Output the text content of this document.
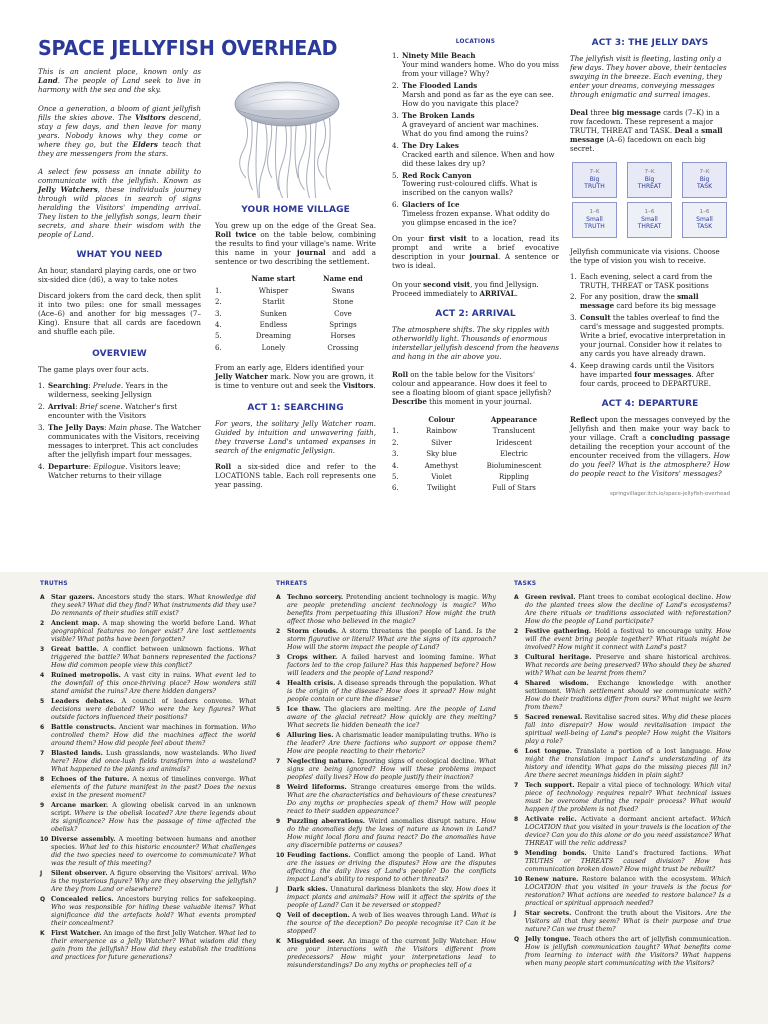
SPACE JELLYFISH OVERHEAD

This is an ancient place, known only as Land. The people of Land seek to live in harmony with the sea and the sky.

Once a generation, a bloom of giant jellyfish fills the skies above. The Visitors descend, stay a few days, and then leave for many years. Nobody knows why they come or where they go, but the Elders teach that they are messengers from the stars.

A select few possess an innate ability to communicate with the jellyfish. Known as Jelly Watchers, these individuals journey through wild places in search of signs heralding the Visitors' impending arrival. They listen to the jellyfish songs, learn their secrets, and share their wisdom with the people of Land.

WHAT YOU NEED

An hour, standard playing cards, one or two six-sided dice (d6), a way to take notes

Discard jokers from the card deck, then split it into two piles: one for small messages (Ace–6) and another for big messages (7–King). Ensure that all cards are facedown and shuffle each pile.

OVERVIEW

The game plays over four acts.

1. Searching: Prelude. Years in the wilderness, seeking Jellysign
2. Arrival: Brief scene. Watcher's first encounter with the Visitors
3. The Jelly Days: Main phase. The Watcher communicates with the Visitors, receiving messages to interpret. This act concludes after the jellyfish impart four messages.
4. Departure: Epilogue. Visitors leave; Watcher returns to their village
YOUR HOME VILLAGE

You grew up on the edge of the Great Sea. Roll twice on the table below, combining the results to find your village's name. Write this name in your journal and add a sentence or two describing the settlement.

	Name start	Name end
1.	Whisper	Swans
2.	Starlit	Stone
3.	Sunken	Cove
4.	Endless	Springs
5.	Dreaming	Horses
6.	Lonely	Crossing

From an early age, Elders identified your Jelly Watcher mark. Now you are grown, it is time to venture out and seek the Visitors.

ACT 1: SEARCHING

For years, the solitary Jelly Watcher roam. Guided by intuition and unwavering faith, they traverse Land's untamed expanses in search of the enigmatic Jellysign.

Roll a six-sided dice and refer to the LOCATIONS table. Each roll represents one year passing.

LOCATIONS
1. Ninety Mile Beach
Your mind wanders home. Who do you miss from your village? Why?
2. The Flooded Lands
Marsh and pond as far as the eye can see. How do you navigate this place?
3. The Broken Lands
A graveyard of ancient war machines. What do you find among the ruins?
4. The Dry Lakes
Cracked earth and silence. When and how did these lakes dry up?
5. Red Rock Canyon
Towering rust-coloured cliffs. What is inscribed on the canyon walls?
6. Glaciers of Ice
Timeless frozen expanse. What oddity do you glimpse encased in the ice?

On your first visit to a location, read its prompt and write a brief evocative description in your journal. A sentence or two is ideal.

On your second visit, you find Jellysign. Proceed immediately to ARRIVAL.

ACT 2: ARRIVAL

The atmosphere shifts. The sky ripples with otherworldly light. Thousands of enormous interstellar jellyfish descend from the heavens and hang in the air above you.

Roll on the table below for the Visitors' colour and appearance. How does it feel to see a floating bloom of giant space jellyfish? Describe this moment in your journal.

	Colour	Appearance
1.	Rainbow	Translucent
2.	Silver	Iridescent
3.	Sky blue	Electric
4.	Amethyst	Bioluminescent
5.	Violet	Rippling
6.	Twilight	Full of Stars
ACT 3: THE JELLY DAYS

The jellyfish visit is fleeting, lasting only a few days. They hover above, their tentacles swaying in the breeze. Each evening, they enter your dreams, conveying messages through enigmatic and surreal images.

Deal three big message cards (7–K) in a row facedown. These represent a major TRUTH, THREAT and TASK. Deal a small message (A–6) facedown on each big secret.

7–K
Big
TRUTH
7–K
Big
THREAT
7–K
Big
TASK
1–6
Small
TRUTH
1–6
Small
THREAT
1–6
Small
TASK

Jellyfish communicate via visions. Choose the type of vision you wish to receive.

1. Each evening, select a card from the TRUTH, THREAT or TASK positions
2. For any position, draw the small message card before its big message
3. Consult the tables overleaf to find the card's message and suggested prompts. Write a brief, evocative interpretation in your journal. Consider how it relates to any cards you have already drawn.
4. Keep drawing cards until the Visitors have imparted four messages. After four cards, proceed to DEPARTURE.
ACT 4: DEPARTURE

Reflect upon the messages conveyed by the Jellyfish and then make your way back to your village. Craft a concluding passage detailing the reception your account of the encounter received from the villagers. How do you feel? What is the atmosphere? How do people react to the Visitors' messages?

springvillager.itch.io/space-jellyfish-overhead
TRUTHS
A Star gazers. Ancestors study the stars. What knowledge did they seek? What did they find? What instruments did they use? Do remnants of their studies still exist?
2 Ancient map. A map showing the world before Land. What geographical features no longer exist? Are lost settlements visible? What paths have been forgotten?
3 Great battle. A conflict between unknown factions. What triggered the battle? What banners represented the factions? How did common people view this conflict?
4 Ruined metropolis. A vast city in ruins. What event led to the downfall of this once-thriving place? How wonders still stand amidst the ruins? Are there hidden dangers?
5 Leaders debates. A council of leaders convene. What decisions were debated? Who were the key figures? What outside factors influenced their positions?
6 Battle constructs. Ancient war machines in formation. Who controlled them? How did the machines affect the world around them? How did people feel about them?
7 Blasted lands. Lush grasslands, now wastelands. Who lived here? How did once-lush fields transform into a wasteland? What happened to the plants and animals?
8 Echoes of the future. A nexus of timelines converge. What elements of the future manifest in the past? Does the nexus exist in the present moment?
9 Arcane marker. A glowing obelisk carved in an unknown script. Where is the obelisk located? Are there legends about its significance? How has the passage of time affected the obelisk?
10 Diverse assembly. A meeting between humans and another species. What led to this historic encounter? What challenges did the two species need to overcome to communicate? What was the result of this meeting?
J Silent observer. A figure observing the Visitors' arrival. Who is the mysterious figure? Why are they observing the jellyfish? Are they from Land or elsewhere?
Q Concealed relics. Ancestors burying relics for safekeeping. Who was responsible for hiding these valuable items? What significance did the artefacts hold? What events prompted their concealment?
K First Watcher. An image of the first Jelly Watcher. What led to their emergence as a Jelly Watcher? What wisdom did they gain from the jellyfish? How did they establish the traditions and practices for future generations?
THREATS
A Techno sorcery. Pretending ancient technology is magic. Why are people pretending ancient technology is magic? Who benefits from perpetuating this illusion? How might the truth affect those who believed in the magic?
2 Storm clouds. A storm threatens the people of Land. Is the storm figurative or literal? What are the signs of its approach? How will the storm impact the people of Land?
3 Crops wither. A failed harvest and looming famine. What factors led to the crop failure? Has this happened before? How will leaders and the people of Land respond?
4 Health crisis. A disease spreads through the population. What is the origin of the disease? How does it spread? How might people contain or cure the disease?
5 Ice thaw. The glaciers are melting. Are the people of Land aware of the glacial retreat? How quickly are they melting? What secrets lie hidden beneath the ice?
6 Alluring lies. A charismatic leader manipulating truths. Who is the leader? Are there factions who support or oppose them? How are people reacting to their rhetoric?
7 Neglecting nature. Ignoring signs of ecological decline. What signs are being ignored? How will these problems impact peoples' daily lives? How do people justify their inaction?
8 Weird lifeforms. Strange creatures emerge from the wilds. What are the characteristics and behaviours of these creatures? Do any myths or prophecies speak of them? How will people react to their sudden appearance?
9 Puzzling aberrations. Weird anomalies disrupt nature. How do the anomalies defy the laws of nature as known in Land? How might local flora and fauna react? Do the anomalies have any discernible patterns or causes?
10 Feuding factions. Conflict among the people of Land. What are the issues or driving the disputes? How are the disputes affecting the daily lives of Land's people? Do the conflicts impact Land's ability to respond to other threats?
J Dark skies. Unnatural darkness blankets the sky. How does it impact plants and animals? How will it affect the spirits of the people of Land? Can it be reversed or stopped?
Q Veil of deception. A web of lies weaves through Land. What is the source of the deception? Do people recognise it? Can it be stopped?
K Misguided seer. An image of the current Jelly Watcher. How are your interactions with the Visitors different from predecessors? How might your interpretations lead to misunderstandings? Do any myths or prophecies tell of a
TASKS
A Green revival. Plant trees to combat ecological decline. How do the planted trees slow the decline of Land's ecosystems? Are there rituals or traditions associated with reforestation? How do the people of Land participate?
2 Festive gathering. Hold a festival to encourage unity. How will the event bring people together? What rituals might be involved? How might it connect with Land's past?
3 Cultural heritage. Preserve and share historical archives. What records are being preserved? Who should they be shared with? What can be learnt from them?
4 Shared wisdom. Exchange knowledge with another settlement. Which settlement should we communicate with? How do their traditions differ from ours? What might we learn from them?
5 Sacred renewal. Revitalise sacred sites. Why did these places fall into disrepair? How would revitalisation impact the spiritual well-being of Land's people? How might the Visitors play a role?
6 Lost tongue. Translate a portion of a lost language. How might the translation impact Land's understanding of its history and identity. What gaps do the missing pieces fill in? Are there secret meanings hidden in plain sight?
7 Tech support. Repair a vital piece of technology. Which vital piece of technology requires repair? What technical issues must be overcome during the repair process? What would happen if the problem is not fixed?
8 Activate relic. Activate a dormant ancient artefact. Which LOCATION that you visited in your travels is the location of the device? Can you do this alone or do you need assistance? What THREAT will the relic address?
9 Mending bonds. Unite Land's fractured factions. What TRUTHS or THREATS caused division? How has communication broken down? How might trust be rebuilt?
10 Renew nature. Restore balance with the ecosystem. Which LOCATION that you visited in your travels is the focus for restoration? What actions are needed to restore balance? Is a practical or spiritual approach needed?
J Star secrets. Confront the truth about the Visitors. Are the Visitors all that they seem? What is their purpose and true nature? Can we trust them?
Q Jelly tongue. Teach others the art of jellyfish communication. How is jellyfish communication taught? What benefits come from learning to interact with the Visitors? What happens when many people start communicating with the Visitors?
